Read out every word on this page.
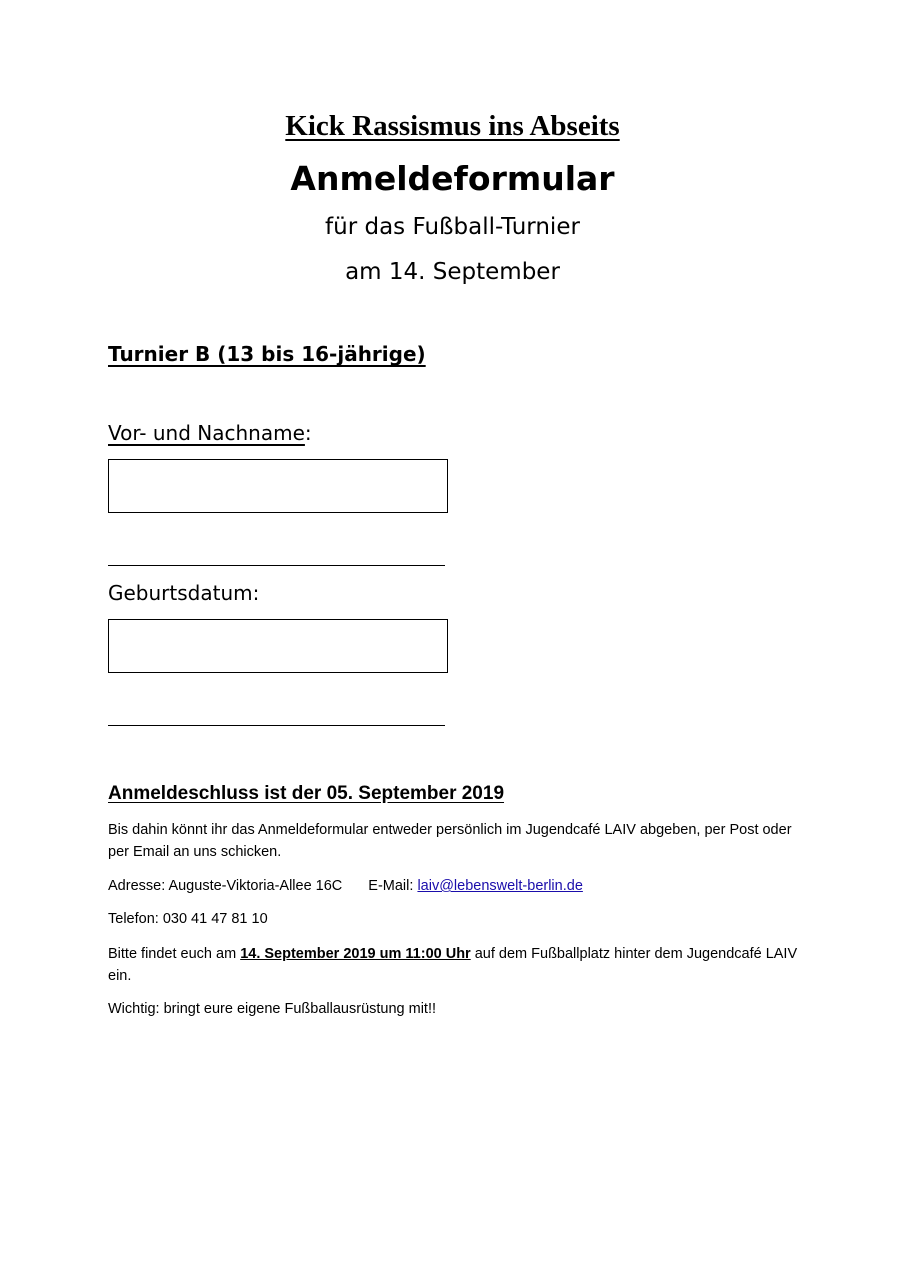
Kick Rassismus ins Abseits
Anmeldeformular
für das Fußball-Turnier
am 14. September
Turnier B (13 bis 16-jährige)
Vor- und Nachname:
Geburtsdatum:
Anmeldeschluss ist der 05. September 2019
Bis dahin könnt ihr das Anmeldeformular entweder persönlich im Jugendcafé LAIV abgeben, per Post oder per Email an uns schicken.
Adresse: Auguste-Viktoria-Allee 16C E-Mail: laiv@lebenswelt-berlin.de
Telefon: 030 41 47 81 10
Bitte findet euch am 14. September 2019 um 11:00 Uhr auf dem Fußballplatz hinter dem Jugendcafé LAIV ein.
Wichtig: bringt eure eigene Fußballausrüstung mit!!
